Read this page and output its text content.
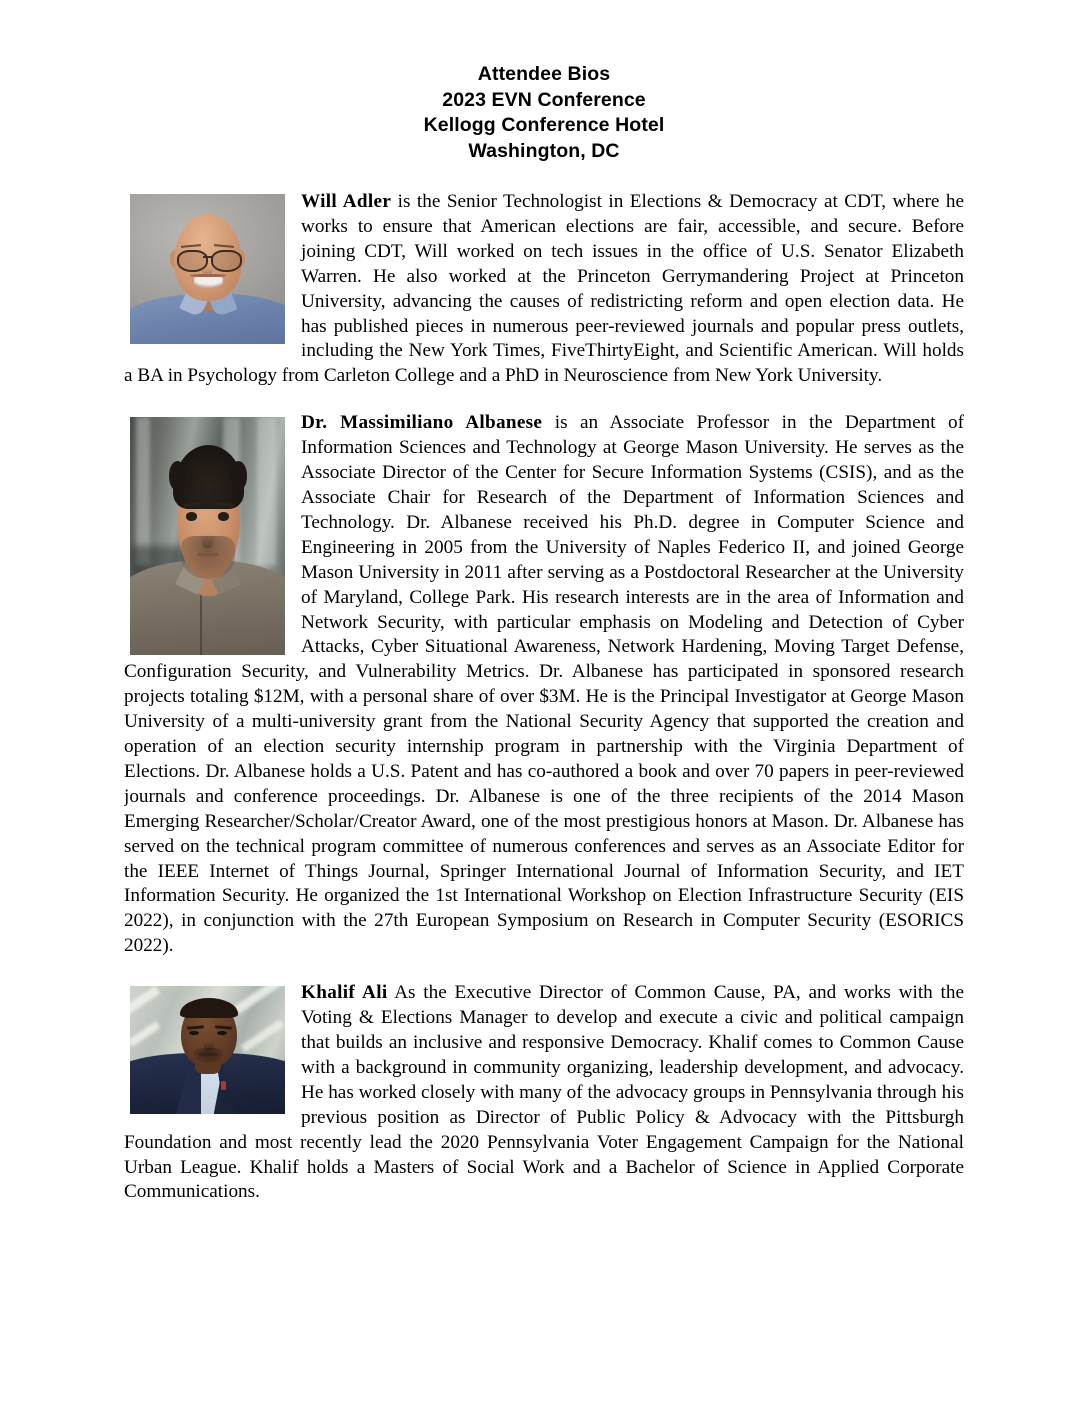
Attendee Bios
2023 EVN Conference
Kellogg Conference Hotel
Washington, DC

Will Adler is the Senior Technologist in Elections & Democracy at CDT, where he works to ensure that American elections are fair, accessible, and secure. Before joining CDT, Will worked on tech issues in the office of U.S. Senator Elizabeth Warren. He also worked at the Princeton Gerrymandering Project at Princeton University, advancing the causes of redistricting reform and open election data. He has published pieces in numerous peer-reviewed journals and popular press outlets, including the New York Times, FiveThirtyEight, and Scientific American. Will holds a BA in Psychology from Carleton College and a PhD in Neuroscience from New York University.

Dr. Massimiliano Albanese is an Associate Professor in the Department of Information Sciences and Technology at George Mason University. He serves as the Associate Director of the Center for Secure Information Systems (CSIS), and as the Associate Chair for Research of the Department of Information Sciences and Technology. Dr. Albanese received his Ph.D. degree in Computer Science and Engineering in 2005 from the University of Naples Federico II, and joined George Mason University in 2011 after serving as a Postdoctoral Researcher at the University of Maryland, College Park. His research interests are in the area of Information and Network Security, with particular emphasis on Modeling and Detection of Cyber Attacks, Cyber Situational Awareness, Network Hardening, Moving Target Defense, Configuration Security, and Vulnerability Metrics. Dr. Albanese has participated in sponsored research projects totaling $12M, with a personal share of over $3M. He is the Principal Investigator at George Mason University of a multi-university grant from the National Security Agency that supported the creation and operation of an election security internship program in partnership with the Virginia Department of Elections. Dr. Albanese holds a U.S. Patent and has co-authored a book and over 70 papers in peer-reviewed journals and conference proceedings. Dr. Albanese is one of the three recipients of the 2014 Mason Emerging Researcher/Scholar/Creator Award, one of the most prestigious honors at Mason. Dr. Albanese has served on the technical program committee of numerous conferences and serves as an Associate Editor for the IEEE Internet of Things Journal, Springer International Journal of Information Security, and IET Information Security. He organized the 1st International Workshop on Election Infrastructure Security (EIS 2022), in conjunction with the 27th European Symposium on Research in Computer Security (ESORICS 2022).

Khalif Ali As the Executive Director of Common Cause, PA, and works with the Voting & Elections Manager to develop and execute a civic and political campaign that builds an inclusive and responsive Democracy. Khalif comes to Common Cause with a background in community organizing, leadership development, and advocacy. He has worked closely with many of the advocacy groups in Pennsylvania through his previous position as Director of Public Policy & Advocacy with the Pittsburgh Foundation and most recently lead the 2020 Pennsylvania Voter Engagement Campaign for the National Urban League. Khalif holds a Masters of Social Work and a Bachelor of Science in Applied Corporate Communications.
